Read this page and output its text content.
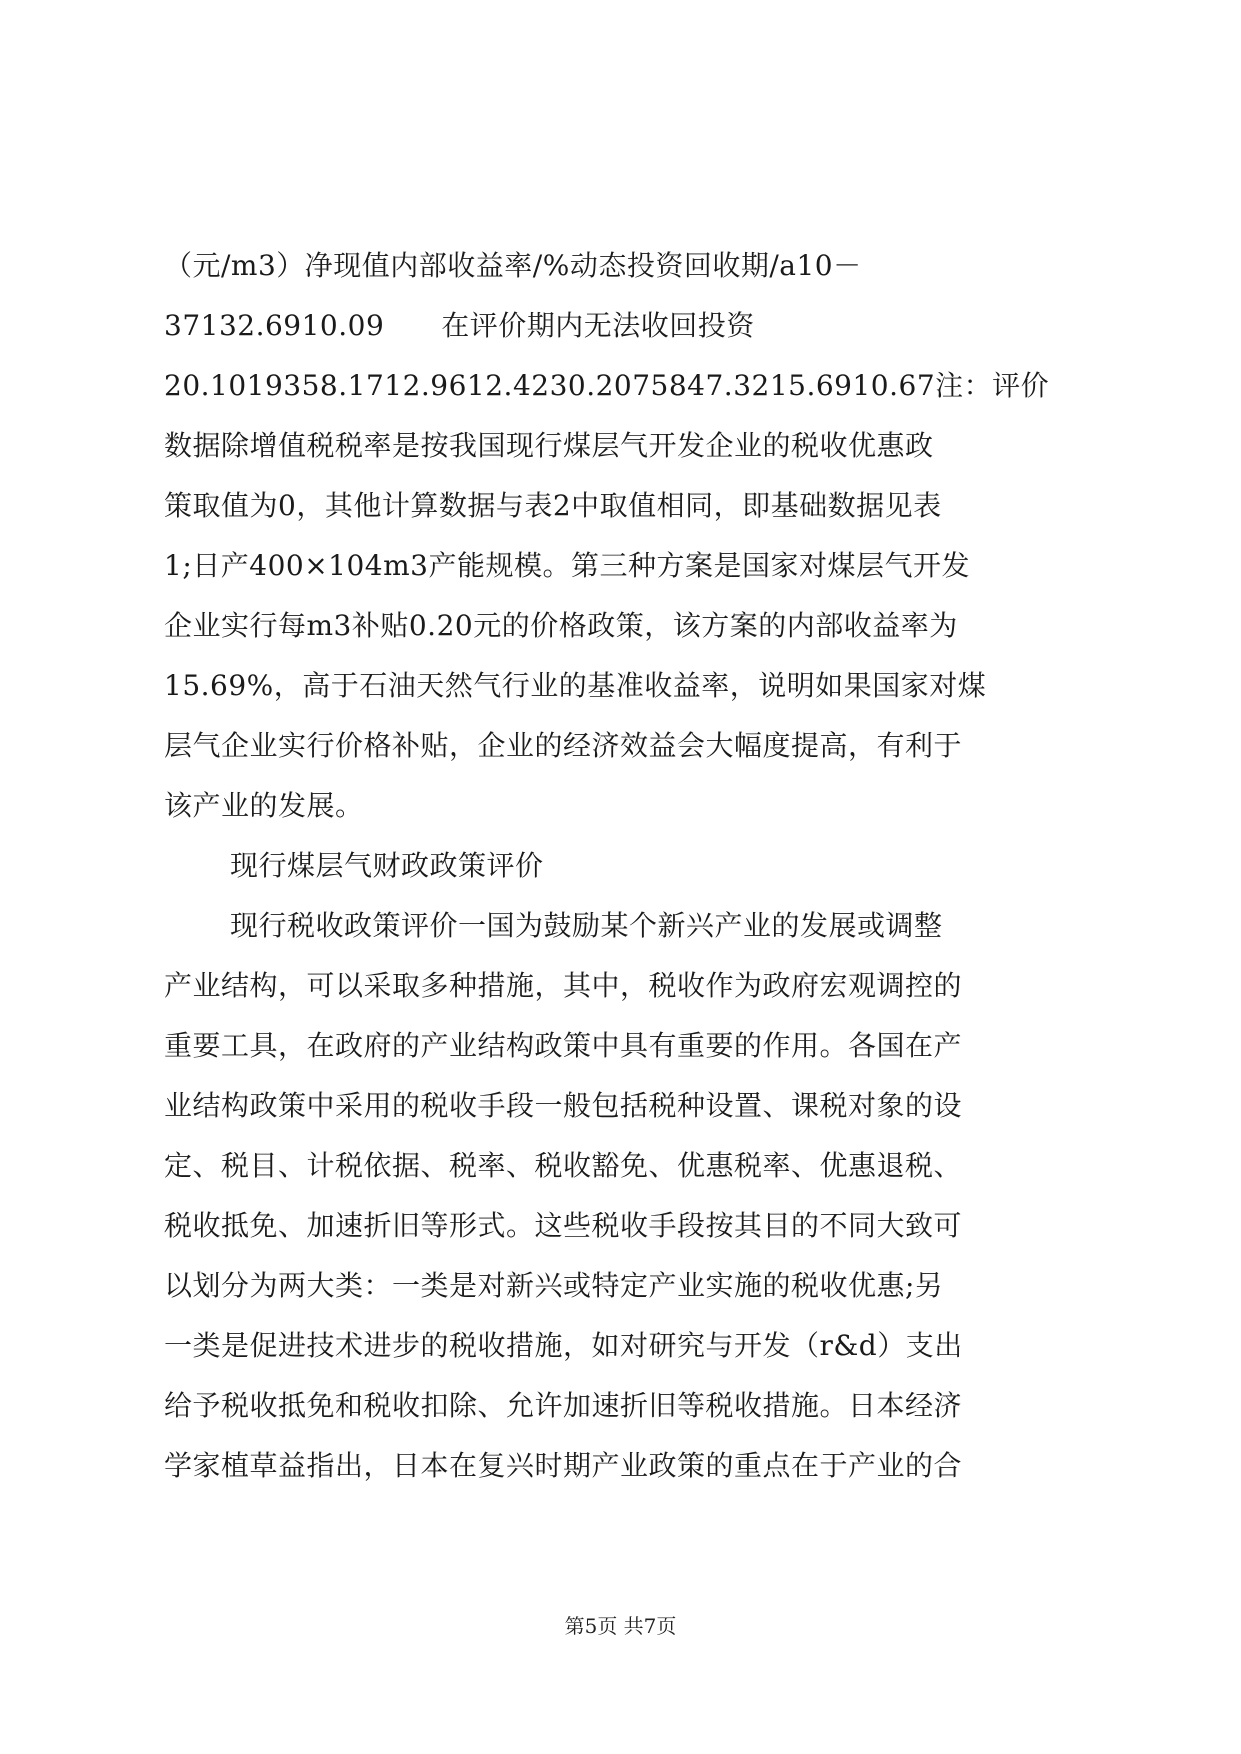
（元/m3）净现值内部收益率/%动态投资回收期/a10－
37132.6910.09　　在评价期内无法收回投资
20.1019358.1712.9612.4230.2075847.3215.6910.67注：评价
数据除增值税税率是按我国现行煤层气开发企业的税收优惠政
策取值为0，其他计算数据与表2中取值相同，即基础数据见表
1;日产400×104m3产能规模。第三种方案是国家对煤层气开发
企业实行每m3补贴0.20元的价格政策，该方案的内部收益率为
15.69%，高于石油天然气行业的基准收益率，说明如果国家对煤
层气企业实行价格补贴，企业的经济效益会大幅度提高，有利于
该产业的发展。
现行煤层气财政政策评价
现行税收政策评价一国为鼓励某个新兴产业的发展或调整
产业结构，可以采取多种措施，其中，税收作为政府宏观调控的
重要工具，在政府的产业结构政策中具有重要的作用。各国在产
业结构政策中采用的税收手段一般包括税种设置、课税对象的设
定、税目、计税依据、税率、税收豁免、优惠税率、优惠退税、
税收抵免、加速折旧等形式。这些税收手段按其目的不同大致可
以划分为两大类：一类是对新兴或特定产业实施的税收优惠;另
一类是促进技术进步的税收措施，如对研究与开发（r&d）支出
给予税收抵免和税收扣除、允许加速折旧等税收措施。日本经济
学家植草益指出，日本在复兴时期产业政策的重点在于产业的合
第5页 共7页
